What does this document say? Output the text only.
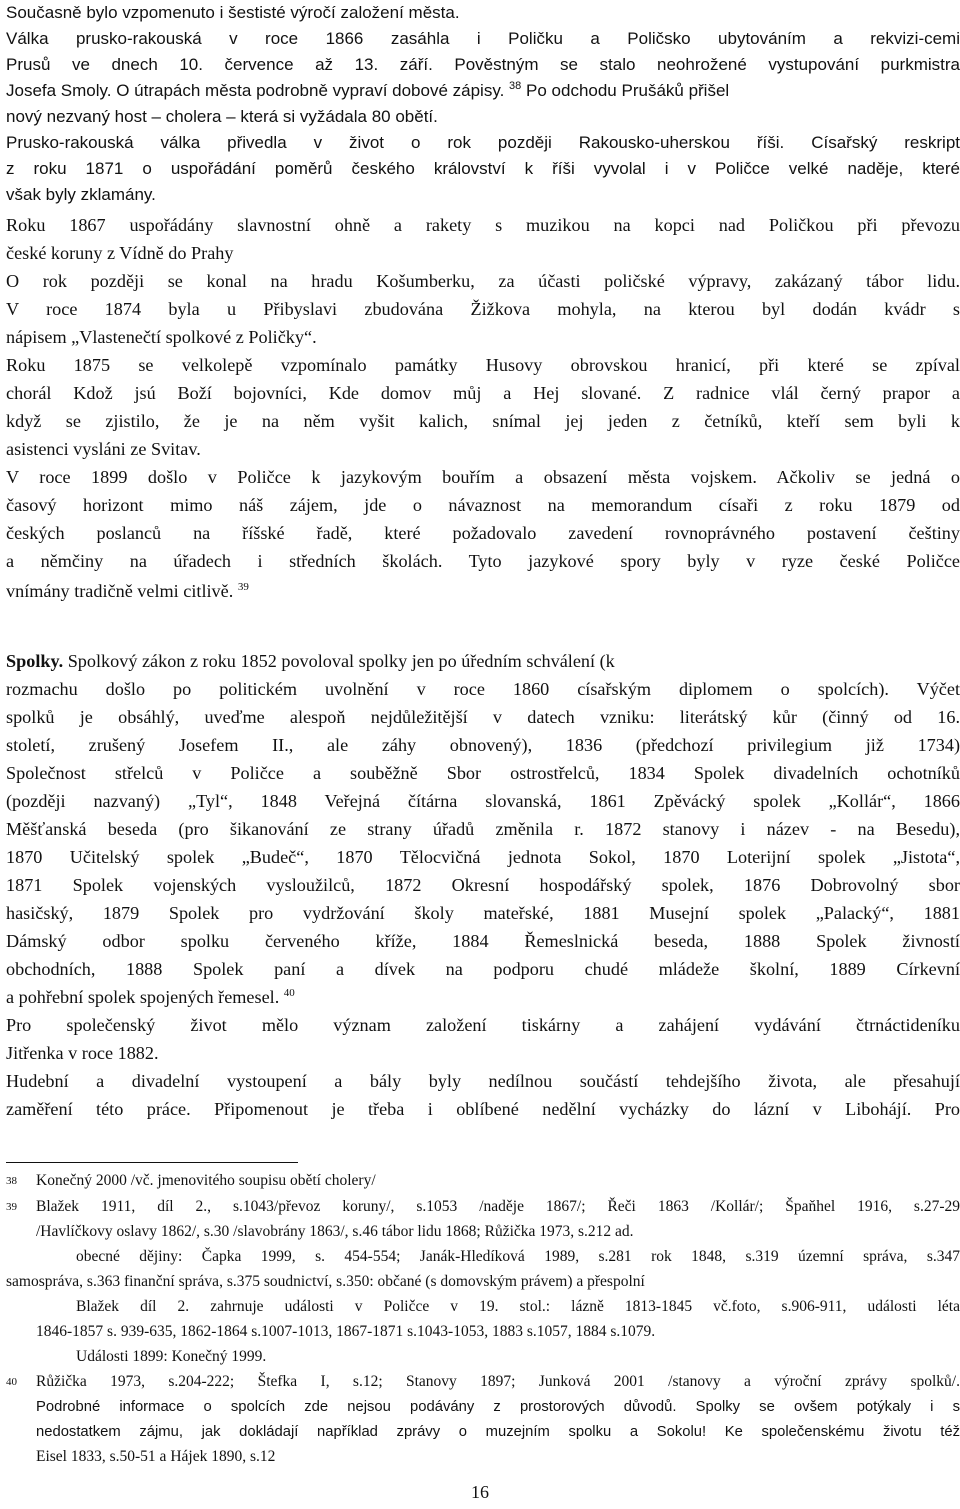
Současně bylo vzpomenuto i šestisté výročí založení města.
Válka prusko-rakouská v roce 1866 zasáhla i Poličku a Poličsko ubytováním a rekvizi-cemi
Prusů ve dnech 10. července až 13. září. Pověstným se stalo neohrožené vystupování purkmistra
Josefa Smoly. O útrapách města podrobně vypraví dobové zápisy. $^{38}$ Po odchodu Prušáků přišel
nový nezvaný host – cholera – která si vyžádala 80 obětí.
Prusko-rakouská válka přivedla v život o rok později Rakousko-uherskou říši. Císařský reskript
z roku 1871 o uspořádání poměrů českého království k říši vyvolal i v Poličce velké naděje, které
však byly zklamány.
Roku 1867 uspořádány slavnostní ohně a rakety s muzikou na kopci nad Poličkou při převozu
české koruny z Vídně do Prahy
O rok později se konal na hradu Košumberku, za účasti poličské výpravy, zakázaný tábor lidu.
V roce 1874 byla u Přibyslavi zbudována Žižkova mohyla, na kterou byl dodán kvádr s
nápisem „Vlastenečtí spolkové z Poličky“.
Roku 1875 se velkolepě vzpomínalo památky Husovy obrovskou hranicí, při které se zpíval
chorál Kdož jsú Boží bojovníci, Kde domov můj a Hej slované. Z radnice vlál černý prapor a
když se zjistilo, že je na něm vyšit kalich, snímal jej jeden z četníků, kteří sem byli k
asistenci vysláni ze Svitav.
V roce 1899 došlo v Poličce k jazykovým bouřím a obsazení města vojskem. Ačkoliv se jedná o
časový horizont mimo náš zájem, jde o návaznost na memorandum císaři z roku 1879 od
českých poslanců na říšské řadě, které požadovalo zavedení rovnoprávného postavení češtiny
a němčiny na úřadech i středních školách. Tyto jazykové spory byly v ryze české Poličce
vnímány tradičně velmi citlivě. $^{39}$
Spolky. Spolkový zákon z roku 1852 povoloval spolky jen po úředním schválení (k
rozmachu došlo po politickém uvolnění v roce 1860 císařským diplomem o spolcích). Výčet
spolků je obsáhlý, uveďme alespoň nejdůležitější v datech vzniku: literátský kůr (činný od 16.
století, zrušený Josefem II., ale záhy obnovený), 1836 (předchozí privilegium již 1734)
Společnost střelců v Poličce a souběžně Sbor ostrostřelců, 1834 Spolek divadelních ochotníků
(později nazvaný) „Tyl“, 1848 Veřejná čítárna slovanská, 1861 Zpěvácký spolek „Kollár“, 1866
Měšťanská beseda (pro šikanování ze strany úřadů změnila r. 1872 stanovy i název - na Besedu),
1870 Učitelský spolek „Budeč“, 1870 Tělocvičná jednota Sokol, 1870 Loterijní spolek „Jistota“,
1871 Spolek vojenských vysloužilců, 1872 Okresní hospodářský spolek, 1876 Dobrovolný sbor
hasičský, 1879 Spolek pro vydržování školy mateřské, 1881 Musejní spolek „Palacký“, 1881
Dámský odbor spolku červeného kříže, 1884 Řemeslnická beseda, 1888 Spolek živností
obchodních, 1888 Spolek paní a dívek na podporu chudé mládeže školní, 1889 Církevní
a pohřební spolek spojených řemesel. $^{40}$
Pro společenský život mělo význam založení tiskárny a zahájení vydávání čtrnáctideníku
Jitřenka v roce 1882.
Hudební a divadelní vystoupení a bály byly nedílnou součástí tehdejšího života, ale přesahují
zaměření této práce. Připomenout je třeba i oblíbené nedělní vycházky do lázní v Libohájí. Pro
38 Konečný 2000 /vč. jmenovitého soupisu obětí cholery/
39 Blažek 1911, díl 2., s.1043/převoz koruny/, s.1053 /naděje 1867/; Řeči 1863 /Kollár/; Špaňhel 1916, s.27-29
/Havlíčkovy oslavy 1862/, s.30 /slavobrány 1863/, s.46 tábor lidu 1868; Růžička 1973, s.212 ad.
obecné dějiny: Čapka 1999, s. 454-554; Janák-Hledíková 1989, s.281 rok 1848, s.319 územní správa, s.347
samospráva, s.363 finanční správa, s.375 soudnictví, s.350: občané (s domovským právem) a přespolní
Blažek díl 2. zahrnuje události v Poličce v 19. stol.: lázně 1813-1845 vč.foto, s.906-911, události léta
1846-1857 s. 939-635, 1862-1864 s.1007-1013, 1867-1871 s.1043-1053, 1883 s.1057, 1884 s.1079.
Události 1899: Konečný 1999.
40 Růžička 1973, s.204-222; Štefka I, s.12; Stanovy 1897; Junková 2001 /stanovy a výroční zprávy spolků/.
Podrobné informace o spolcích zde nejsou podávány z prostorových důvodů. Spolky se ovšem potýkaly i s
nedostatkem zájmu, jak dokládají například zprávy o muzejním spolku a Sokolu! Ke společenskému životu též
Eisel 1833, s.50-51 a Hájek 1890, s.12
16
